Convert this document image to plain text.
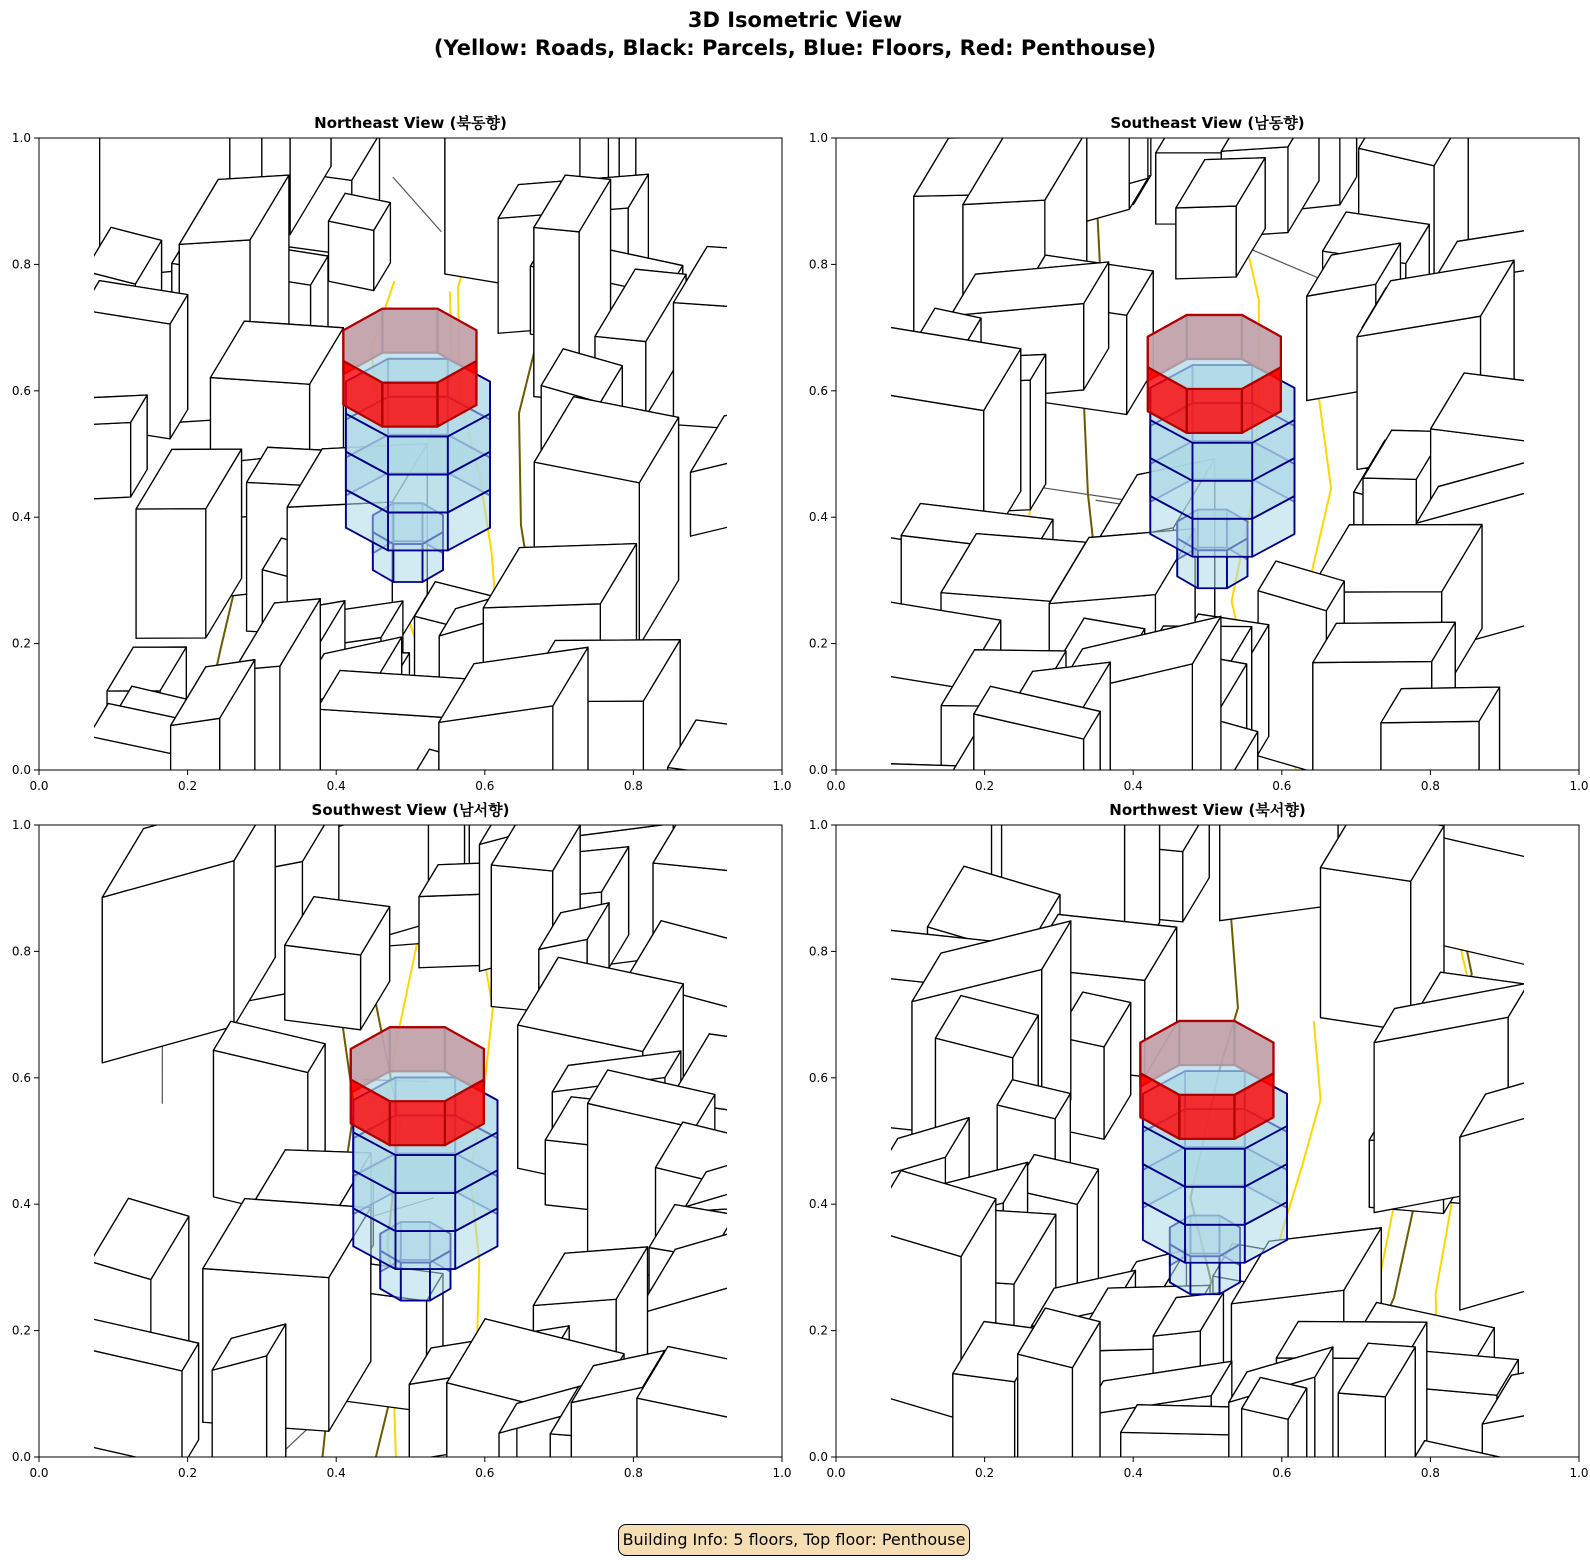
3D Isometric View
(Yellow: Roads, Black: Parcels, Blue: Floors, Red: Penthouse)
0.0	0.2	0.4	0.6	0.8	1.0
0.0
0.2
0.4
0.6
0.8
1.0
Northeast View (북동향)
0.0	0.2	0.4	0.6	0.8	1.0
0.0
0.2
0.4
0.6
0.8
1.0
Southeast View (남동향)
0.0	0.2	0.4	0.6	0.8	1.0
0.0
0.2
0.4
0.6
0.8
1.0
Southwest View (남서향)
0.0	0.2	0.4	0.6	0.8	1.0
0.0
0.2
0.4
0.6
0.8
1.0
Northwest View (북서향)
Building Info: 5 floors, Top floor: Penthouse
